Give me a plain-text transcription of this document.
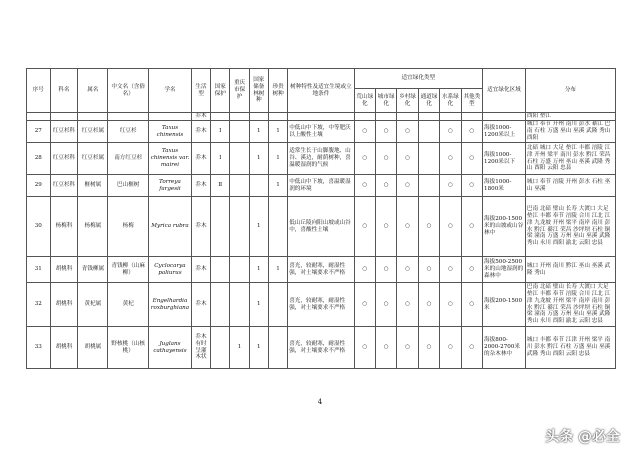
序号	科名	属名	中文名（含俗名）	学名	生活型	国家保护	重庆市保护	国家储备林树种	珍贵树种	树种特性及适宜生境或立地条件	适宜绿化类型						适宜绿化区域	分布
											荒山绿化	城市绿化	乡村绿化	通道绿化	水系绿化	其他类型		
					乔木													酉阳 垫江
27	红豆杉科	红豆杉属	红豆杉	Taxus chinensis	乔木	Ⅰ		1	1	中低山中下坡，中等肥沃以上酸性土壤	○	○	○		○	○	海拔1000-1200米以上	城口 奉节 开州 南川 彭水 綦江 巴南 石柱 万盛 巫山 巫溪 武隆 秀山 酉阳
28	红豆杉科	红豆杉属	南方红豆杉	Taxus chinensis var. mairei	乔木	Ⅰ		1	1	适常生长于山脚腹地、山谷、溪边，耐荫树种，喜温暖湿润的气候	○	○	○		○	○	海拔1000-1200米以下	北碚 城口 大足 垫江 丰都 涪陵 江津 开州 梁平 南川 彭水 黔江 荣昌 石柱 万盛 万州 巫山 巫溪 武隆 秀山 酉阳 云阳 忠县
29	红豆杉科	榧树属	巴山榧树	Torreya fargesii	乔木	Ⅱ			1	中低山中下坡，喜温暖湿润的环境	○	○	○		○	○	海拔1000-1800米	城口 奉节 涪陵 开州 彭水 石柱 巫山 巫溪
30	杨梅科	杨梅属	杨梅	Myrica rubra	乔木			1		低山丘陵向阳山坡或山谷中，喜酸性土壤	○	○	○	○	○	○	海拔200-1500米的山坡或山谷林中	巴南 北碚 璧山 长寿 大渡口 大足 垫江 丰都 奉节 涪陵 合川 江北 江津 九龙坡 开州 梁平 南岸 南川 彭水 黔江 綦江 荣昌 沙坪坝 石柱 铜梁 潼南 万盛 万州 巫山 巫溪 武隆 秀山 永川 酉阳 渝北 云阳 忠县
31	胡桃科	青钱柳属	青钱柳（山麻柳）	Cyclocarya paliurus	乔木			1	1	喜光，较耐寒，耐湿性强，对土壤要求不严格	○	○	○	○	○	○	海拔500-2500米的山地湿润的森林中	城口 开州 南川 黔江 巫山 巫溪 武隆 秀山
32	胡桃科	黄杞属	黄杞	Engelhardia roxburghiana	乔木			1		喜光，较耐寒，耐湿性强，对土壤要求不严格	○	○	○	○	○	○	海拔200-1500米	巴南 北碚 璧山 长寿 大渡口 大足 垫江 丰都 奉节 涪陵 合川 江北 江津 九龙坡 开州 梁平 南岸 南川 彭水 黔江 綦江 荣昌 沙坪坝 石柱 铜梁 潼南 万盛 万州 巫山 巫溪 武隆 秀山 永川 酉阳 渝北 云阳 忠县
33	胡桃科	胡桃属	野核桃（山核桃）	Juglans cathayensis	乔木有时呈灌木状		1	1		喜光，较耐寒，耐湿性强，对土壤要求不严格	○	○	○	○	○	○	海拔800-2000-2700米的杂木林中	城口 丰都 奉节 江津 开州 梁平 南川 彭水 黔江 石柱 万盛 巫山 巫溪 武隆 秀山 酉阳 云阳 忠县
4
头条 @必全
